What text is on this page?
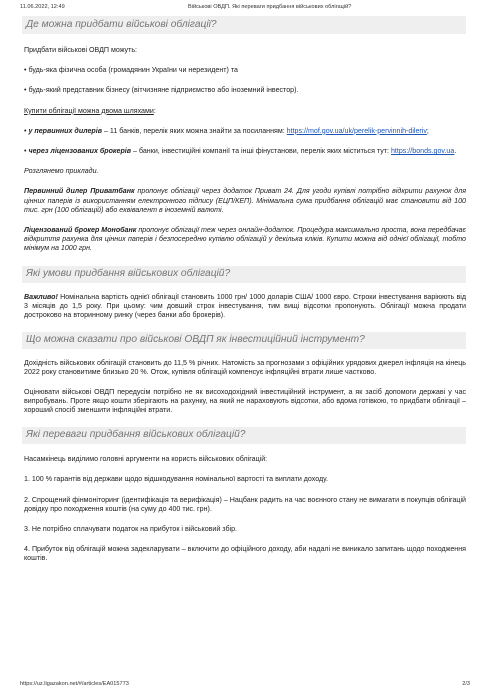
11.06.2022, 12:49	Військові ОВДП. Які переваги придбання військових облігацій?
Де можна придбати військові облігації?

Придбати військові ОВДП можуть:

• будь-яка фізична особа (громадянин України чи нерезидент) та

• будь-який представник бізнесу (вітчизняне підприємство або іноземний інвестор).

Купити облігації можна двома шляхами:

• у первинних дилерів – 11 банків, перелік яких можна знайти за посиланням: https://mof.gov.ua/uk/perelik-pervinnih-dileriv;

• через ліцензованих брокерів – банки, інвестиційні компанії та інші фінустанови, перелік яких міститься тут: https://bonds.gov.ua.

Розглянемо приклади.

Первинний дилер Приватбанк пропонує облігації через додаток Приват 24. Для угоди купівлі потрібно відкрити рахунок для цінних паперів із використанням електронного підпису (ЕЦП/КЕП). Мінімальна сума придбання облігацій має становити від 100 тис. грн (100 облігацій) або еквівалент в іноземній валюті.

Ліцензований брокер Монобанк пропонує облігації теж через онлайн-додаток. Процедура максимально проста, вона передбачає відкриття рахунка для цінних паперів і безпосередню купівлю облігацій у декілька кліків. Купити можна від однієї облігації, тобто мінімум на 1000 грн.

Які умови придбання військових облігацій?

Важливо! Номінальна вартість однієї облігації становить 1000 грн/ 1000 доларів США/ 1000 євро. Строки інвестування варіюють від 3 місяців до 1,5 року. При цьому: чим довший строк інвестування, тим вищі відсотки пропонують. Облігації можна продати достроково на вторинному ринку (через банки або брокерів).

Що можна сказати про військові ОВДП як інвестиційний інструмент?

Дохідність військових облігацій становить до 11,5 % річних. Натомість за прогнозами з офіційних урядових джерел інфляція на кінець 2022 року становитиме близько 20 %. Отож, купівля облігацій компенсує інфляційні втрати лише частково.

Оцінювати військові ОВДП передусім потрібно не як висоходохідний інвестиційний інструмент, а як засіб допомоги державі у час випробувань. Проте якщо кошти зберігають на рахунку, на який не нараховують відсотки, або вдома готівкою, то придбати облігації – хороший спосіб зменшити інфляційні втрати.

Які переваги придбання військових облігацій?

Насамкінець виділимо головні аргументи на користь військових облігацій:

1. 100 % гарантів від держави щодо відшкодування номінальної вартості та виплати доходу.

2. Спрощений фінмоніторинг (ідентифікація та верифікація) – Нацбанк радить на час воєнного стану не вимагати в покупців облігацій довідку про походження коштів (на суму до 400 тис. грн).

3. Не потрібно сплачувати податок на прибуток і військовий збір.

4. Прибуток від облігацій можна задекларувати – включити до офіційного доходу, аби надалі не виникало запитань щодо походження коштів.

https://uz.ligazakon.net/#/articles/EA015773	2/3
